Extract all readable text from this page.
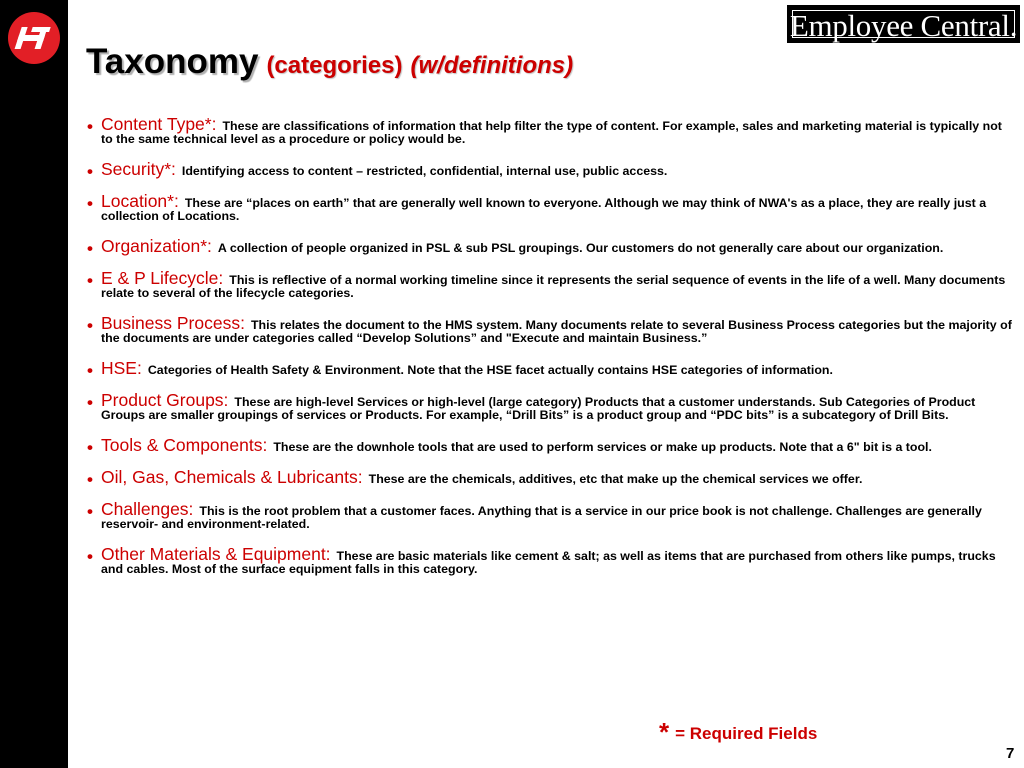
Employee Central.
Taxonomy (categories) (w/definitions)
• Content Type*: These are classifications of information that help filter the type of content. For example, sales and marketing material is typically not to the same technical level as a procedure or policy would be.
• Security*: Identifying access to content – restricted, confidential, internal use, public access.
• Location*: These are “places on earth” that are generally well known to everyone. Although we may think of NWA's as a place, they are really just a collection of Locations.
• Organization*: A collection of people organized in PSL & sub PSL groupings. Our customers do not generally care about our organization.
• E & P Lifecycle: This is reflective of a normal working timeline since it represents the serial sequence of events in the life of a well. Many documents relate to several of the lifecycle categories.
• Business Process: This relates the document to the HMS system. Many documents relate to several Business Process categories but the majority of the documents are under categories called “Develop Solutions” and "Execute and maintain Business.”
• HSE: Categories of Health Safety & Environment. Note that the HSE facet actually contains HSE categories of information.
• Product Groups: These are high-level Services or high-level (large category) Products that a customer understands. Sub Categories of Product Groups are smaller groupings of services or Products. For example, “Drill Bits” is a product group and “PDC bits” is a subcategory of Drill Bits.
• Tools & Components: These are the downhole tools that are used to perform services or make up products. Note that a 6" bit is a tool.
• Oil, Gas, Chemicals & Lubricants: These are the chemicals, additives, etc that make up the chemical services we offer.
• Challenges: This is the root problem that a customer faces. Anything that is a service in our price book is not challenge. Challenges are generally reservoir- and environment-related.
• Other Materials & Equipment: These are basic materials like cement & salt; as well as items that are purchased from others like pumps, trucks and cables. Most of the surface equipment falls in this category.
* = Required Fields
7
